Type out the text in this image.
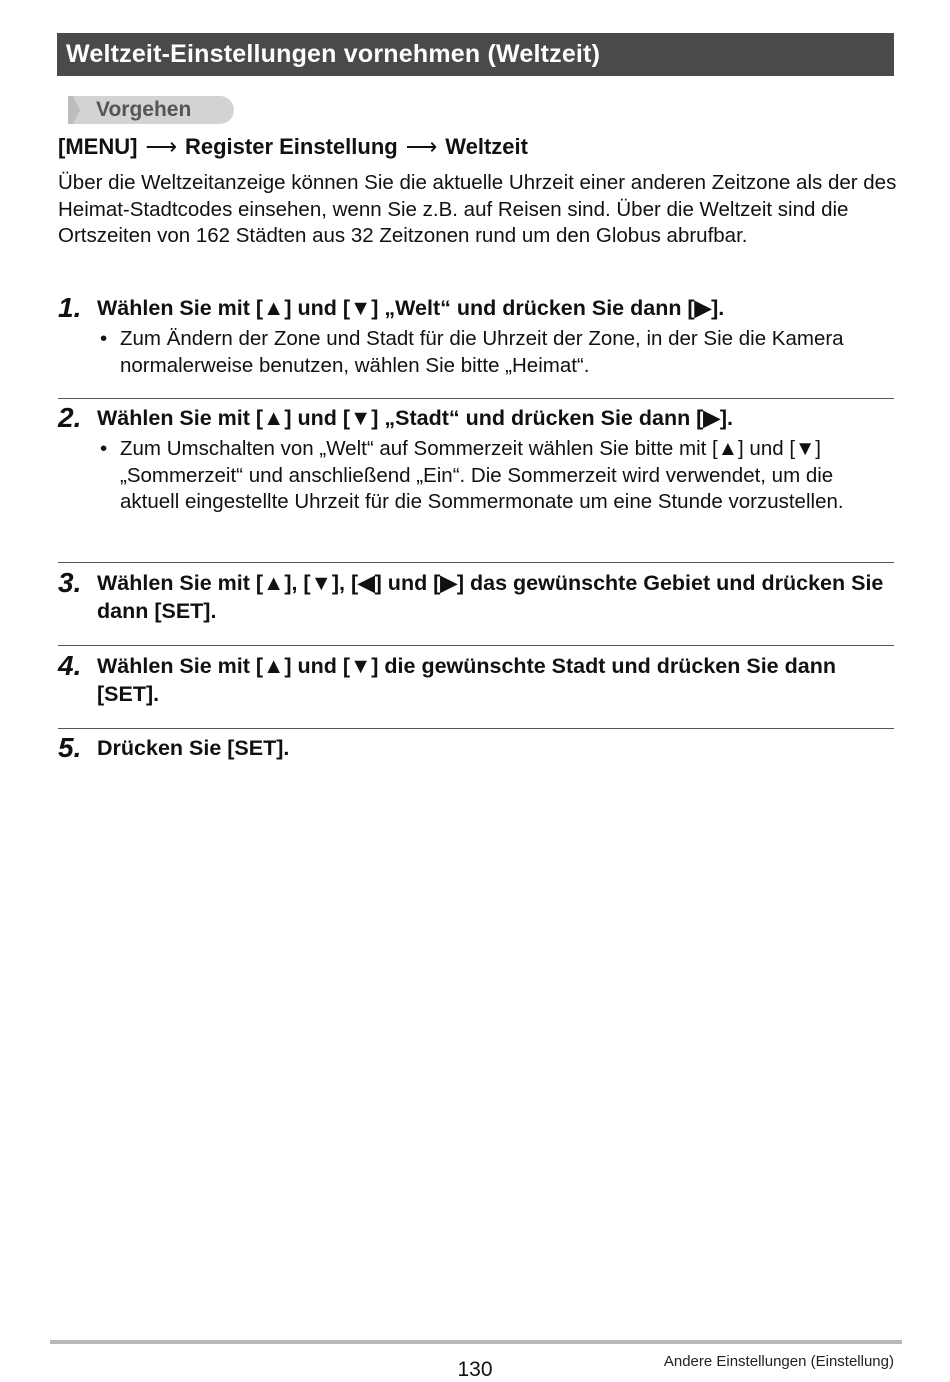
Weltzeit-Einstellungen vornehmen (Weltzeit)
Vorgehen
[MENU] ⟶ Register Einstellung ⟶ Weltzeit
Über die Weltzeitanzeige können Sie die aktuelle Uhrzeit einer anderen Zeitzone als der des Heimat-Stadtcodes einsehen, wenn Sie z.B. auf Reisen sind. Über die Weltzeit sind die Ortszeiten von 162 Städten aus 32 Zeitzonen rund um den Globus abrufbar.
1. Wählen Sie mit [▲] und [▼] „Welt“ und drücken Sie dann [▶].
• Zum Ändern der Zone und Stadt für die Uhrzeit der Zone, in der Sie die Kamera normalerweise benutzen, wählen Sie bitte „Heimat“.
2. Wählen Sie mit [▲] und [▼] „Stadt“ und drücken Sie dann [▶].
• Zum Umschalten von „Welt“ auf Sommerzeit wählen Sie bitte mit [▲] und [▼] „Sommerzeit“ und anschließend „Ein“. Die Sommerzeit wird verwendet, um die aktuell eingestellte Uhrzeit für die Sommermonate um eine Stunde vorzustellen.
3. Wählen Sie mit [▲], [▼], [◀] und [▶] das gewünschte Gebiet und drücken Sie dann [SET].
4. Wählen Sie mit [▲] und [▼] die gewünschte Stadt und drücken Sie dann [SET].
5. Drücken Sie [SET].
130	Andere Einstellungen (Einstellung)
